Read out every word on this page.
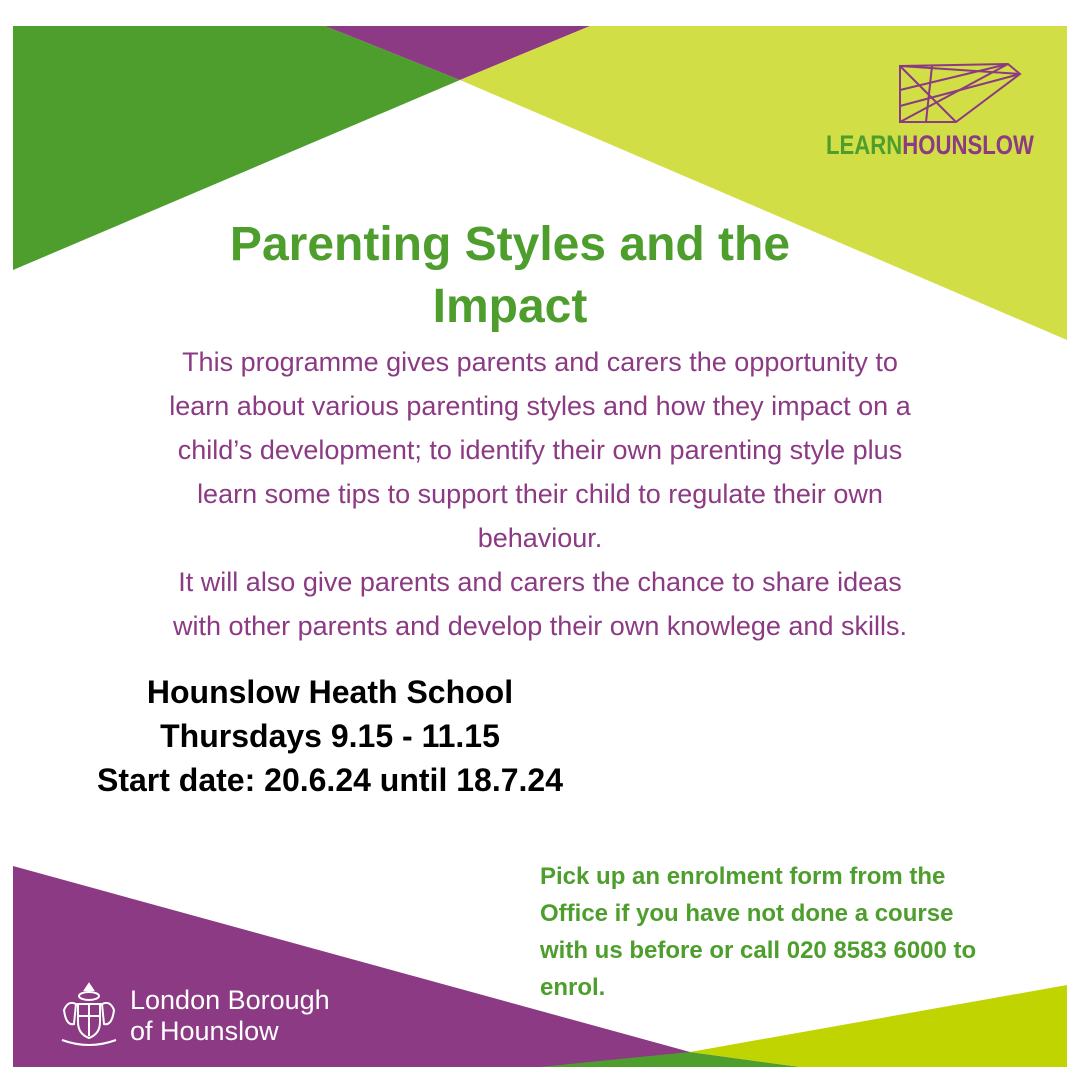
LEARNHOUNSLOW
Parenting Styles and the
Impact
This programme gives parents and carers the opportunity to
learn about various parenting styles and how they impact on a
child’s development; to identify their own parenting style plus
learn some tips to support their child to regulate their own
behaviour.
It will also give parents and carers the chance to share ideas
with other parents and develop their own knowlege and skills.
Hounslow Heath School
Thursdays 9.15 - 11.15
Start date: 20.6.24 until 18.7.24
Pick up an enrolment form from the
Office if you have not done a course
with us before or call 020 8583 6000 to
enrol.
London Borough
of Hounslow
